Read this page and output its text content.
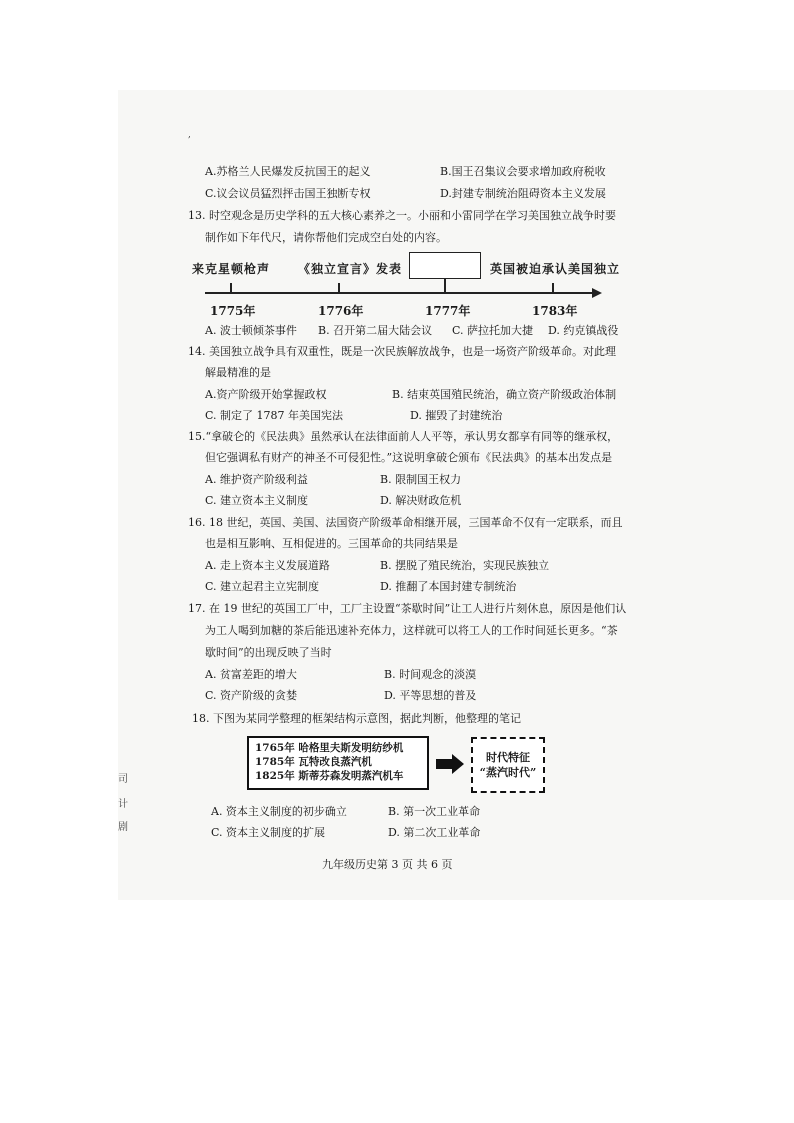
,
司
计
剧
A.苏格兰人民爆发反抗国王的起义	B.国王召集议会要求增加政府税收
C.议会议员猛烈抨击国王独断专权	D.封建专制统治阻碍资本主义发展
13. 时空观念是历史学科的五大核心素养之一。小丽和小雷同学在学习美国独立战争时要
制作如下年代尺，请你帮他们完成空白处的内容。
来克星顿枪声 《独立宣言》发表	英国被迫承认美国独立
1775年	1776年	1777年	1783年
A. 波士顿倾茶事件 B. 召开第二届大陆会议 C. 萨拉托加大捷 D. 约克镇战役
14. 美国独立战争具有双重性，既是一次民族解放战争，也是一场资产阶级革命。对此理
解最精准的是
A.资产阶级开始掌握政权	B. 结束英国殖民统治，确立资产阶级政治体制
C. 制定了 1787 年美国宪法	D. 摧毁了封建统治
15.“拿破仑的《民法典》虽然承认在法律面前人人平等，承认男女都享有同等的继承权，
但它强调私有财产的神圣不可侵犯性。”这说明拿破仑颁布《民法典》的基本出发点是
A. 维护资产阶级利益	B. 限制国王权力
C. 建立资本主义制度	D. 解决财政危机
16. 18 世纪，英国、美国、法国资产阶级革命相继开展，三国革命不仅有一定联系，而且
也是相互影响、互相促进的。三国革命的共同结果是
A. 走上资本主义发展道路	B. 摆脱了殖民统治，实现民族独立
C. 建立起君主立宪制度	D. 推翻了本国封建专制统治
17. 在 19 世纪的英国工厂中，工厂主设置“茶歇时间”让工人进行片刻休息，原因是他们认
为工人喝到加糖的茶后能迅速补充体力，这样就可以将工人的工作时间延长更多。“茶
歇时间”的出现反映了当时
A. 贫富差距的增大	B. 时间观念的淡漠
C. 资产阶级的贪婪	D. 平等思想的普及
18. 下图为某同学整理的框架结构示意图，据此判断，他整理的笔记
1765年 哈格里夫斯发明纺纱机
1785年 瓦特改良蒸汽机
1825年 斯蒂芬森发明蒸汽机车
时代特征
“蒸汽时代”
A. 资本主义制度的初步确立	B. 第一次工业革命
C. 资本主义制度的扩展	D. 第二次工业革命
九年级历史第 3 页 共 6 页
